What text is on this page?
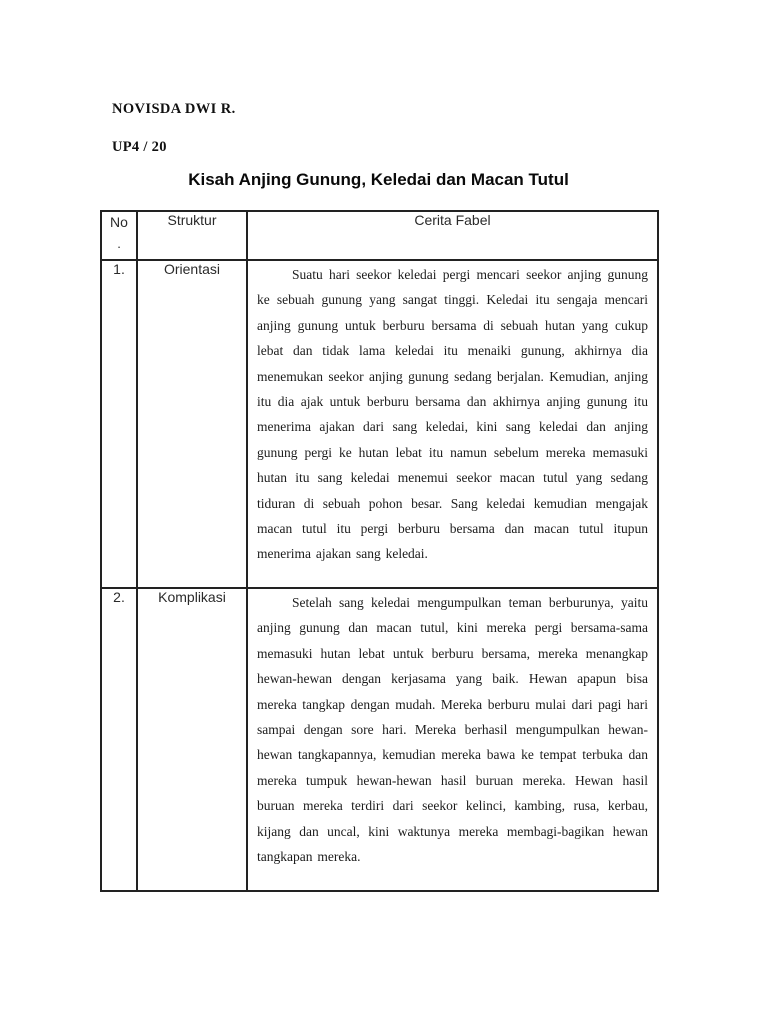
NOVISDA DWI R.
UP4 / 20
Kisah Anjing Gunung, Keledai dan Macan Tutul
No
.	Struktur	Cerita Fabel
1.	Orientasi	Suatu hari seekor keledai pergi mencari seekor anjing gunung ke sebuah gunung yang sangat tinggi. Keledai itu sengaja mencari anjing gunung untuk berburu bersama di sebuah hutan yang cukup lebat dan tidak lama keledai itu menaiki gunung, akhirnya dia menemukan seekor anjing gunung sedang berjalan. Kemudian, anjing itu dia ajak untuk berburu bersama dan akhirnya anjing gunung itu menerima ajakan dari sang keledai, kini sang keledai dan anjing gunung pergi ke hutan lebat itu namun sebelum mereka memasuki hutan itu sang keledai menemui seekor macan tutul yang sedang tiduran di sebuah pohon besar. Sang keledai kemudian mengajak macan tutul itu pergi berburu bersama dan macan tutul itupun menerima ajakan sang keledai.

2.	Komplikasi	Setelah sang keledai mengumpulkan teman berburunya, yaitu anjing gunung dan macan tutul, kini mereka pergi bersama-sama memasuki hutan lebat untuk berburu bersama, mereka menangkap hewan-hewan dengan kerjasama yang baik. Hewan apapun bisa mereka tangkap dengan mudah. Mereka berburu mulai dari pagi hari sampai dengan sore hari. Mereka berhasil mengumpulkan hewan-hewan tangkapannya, kemudian mereka bawa ke tempat terbuka dan mereka tumpuk hewan-hewan hasil buruan mereka. Hewan hasil buruan mereka terdiri dari seekor kelinci, kambing, rusa, kerbau, kijang dan uncal, kini waktunya mereka membagi-bagikan hewan tangkapan mereka.
